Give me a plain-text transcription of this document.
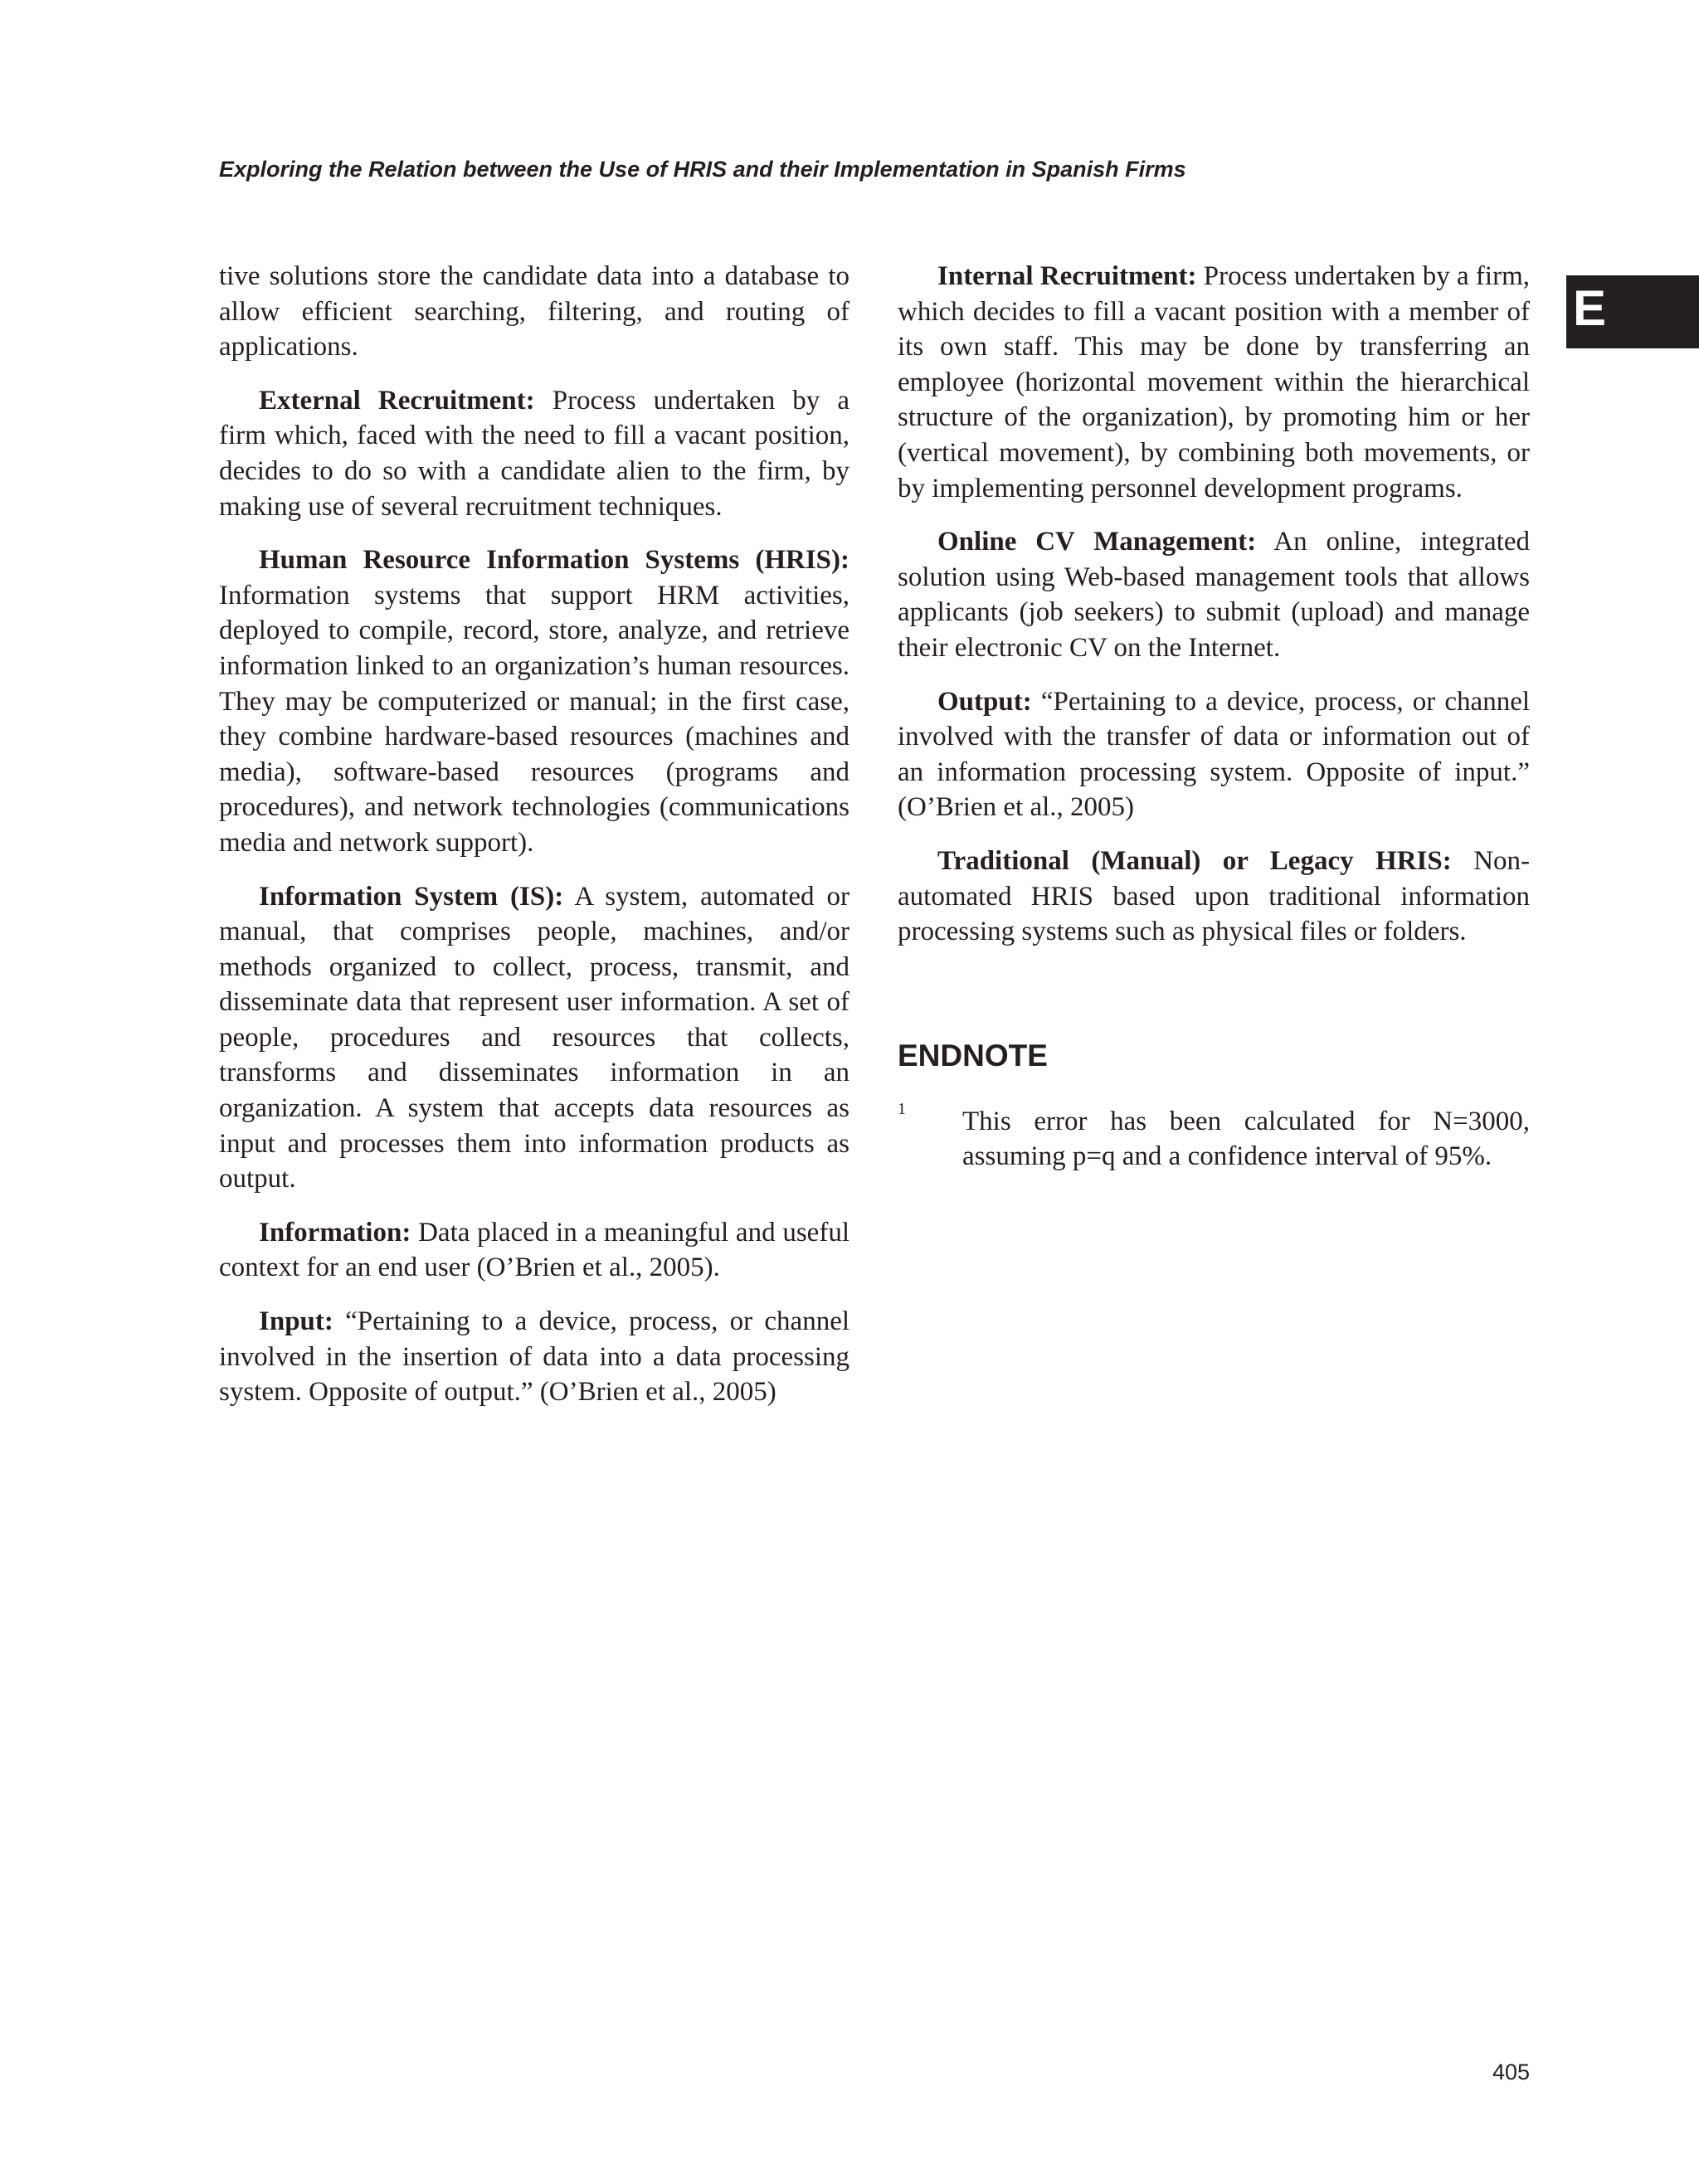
Exploring the Relation between the Use of HRIS and their Implementation in Spanish Firms
E

tive solutions store the candidate data into a database to allow efficient searching, filtering, and routing of applications.

External Recruitment: Process undertaken by a firm which, faced with the need to fill a vacant position, decides to do so with a candidate alien to the firm, by making use of several recruitment techniques.

Human Resource Information Systems (HRIS): Information systems that support HRM activities, deployed to compile, record, store, analyze, and retrieve information linked to an organization’s human resources. They may be computerized or manual; in the first case, they combine hardware-based resources (machines and media), software-based resources (programs and procedures), and network technologies (communications media and network support).

Information System (IS): A system, automated or manual, that comprises people, machines, and/or methods organized to collect, process, transmit, and disseminate data that represent user information. A set of people, procedures and resources that collects, transforms and disseminates information in an organization. A system that accepts data resources as input and processes them into information products as output.

Information: Data placed in a meaningful and useful context for an end user (O’Brien et al., 2005).

Input: “Pertaining to a device, process, or channel involved in the insertion of data into a data processing system. Opposite of output.” (O’Brien et al., 2005)

Internal Recruitment: Process undertaken by a firm, which decides to fill a vacant position with a member of its own staff. This may be done by transferring an employee (horizontal movement within the hierarchical structure of the organization), by promoting him or her (vertical movement), by combining both movements, or by implementing personnel development programs.

Online CV Management: An online, integrated solution using Web-based management tools that allows applicants (job seekers) to submit (upload) and manage their electronic CV on the Internet.

Output: “Pertaining to a device, process, or channel involved with the transfer of data or information out of an information processing system. Opposite of input.” (O’Brien et al., 2005)

Traditional (Manual) or Legacy HRIS: Non-automated HRIS based upon traditional information processing systems such as physical files or folders.

ENDNOTE
1 This error has been calculated for N=3000, assuming p=q and a confidence interval of 95%.
405
